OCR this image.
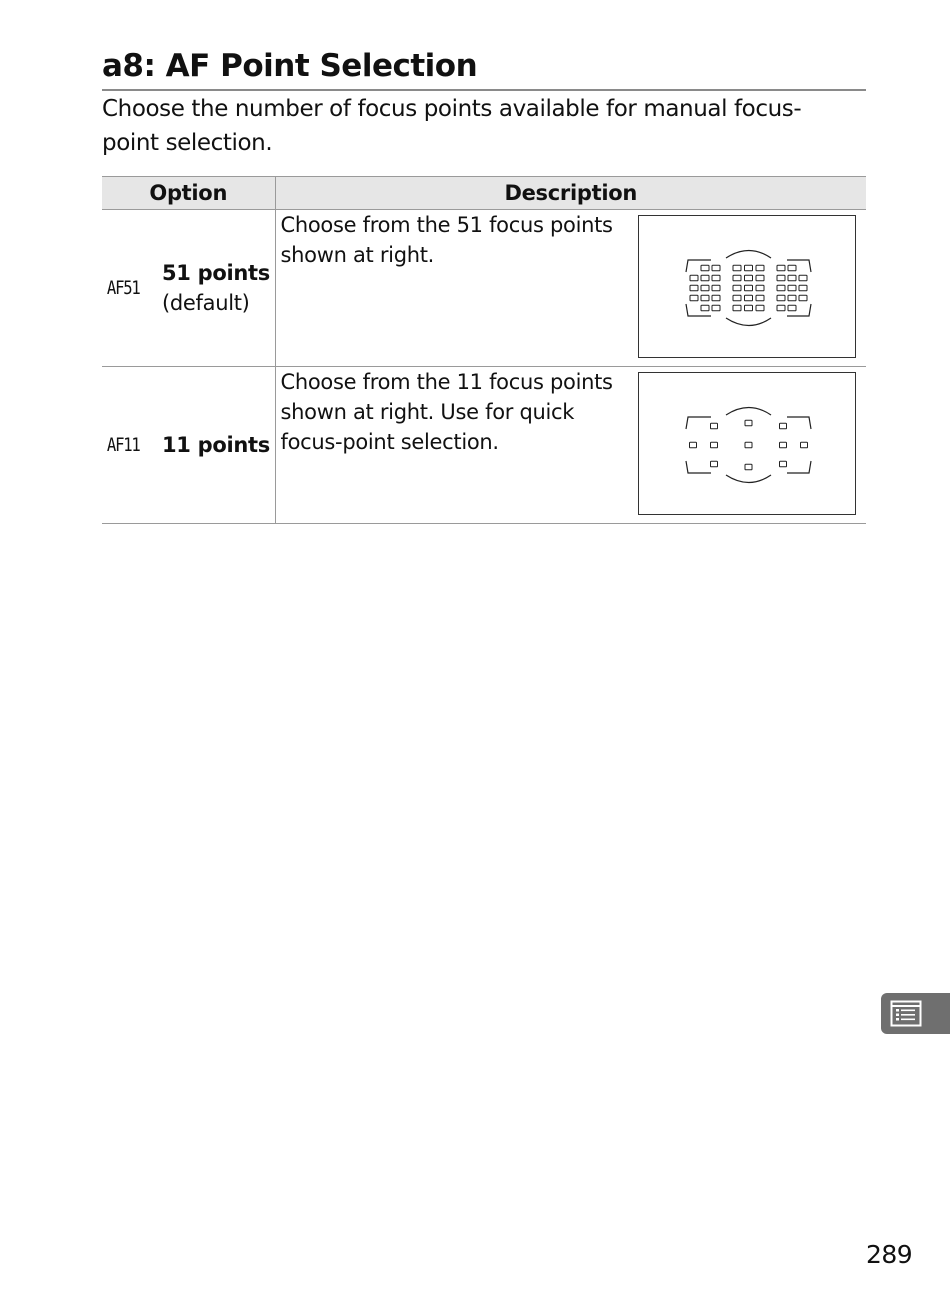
a8: AF Point Selection

Choose the number of focus points available for manual focus-point selection.

Option	Description

AF51
51 points
(default)	Choose from the 51 focus points shown at right.

AF11 11 points	Choose from the 11 focus points shown at right. Use for quick focus-point selection.
289
